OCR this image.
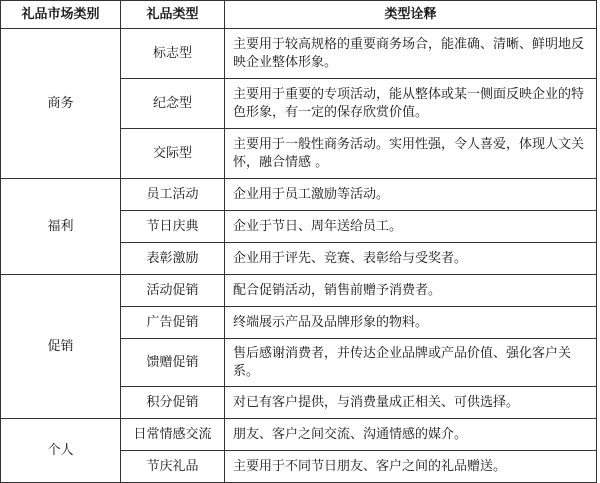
礼品市场类别	礼品类型	类型诠释
商务	标志型	主要用于较高规格的重要商务场合，能准确、清晰、鲜明地反映企业整体形象。
	纪念型	主要用于重要的专项活动，能从整体或某一侧面反映企业的特色形象，有一定的保存欣赏价值。
	交际型	主要用于一般性商务活动。实用性强，令人喜爱，体现人文关怀，融合情感 。
福利	员工活动	企业用于员工激励等活动。
	节日庆典	企业于节日、周年送给员工。
	表彰激励	企业用于评先、竞赛、表彰给与受奖者。
促销	活动促销	配合促销活动，销售前赠予消费者。
	广告促销	终端展示产品及品牌形象的物料。
	馈赠促销	售后感谢消费者，并传达企业品牌或产品价值、强化客户关系。
	积分促销	对已有客户提供，与消费量成正相关、可供选择。
个人	日常情感交流	朋友、客户之间交流、沟通情感的媒介。
	节庆礼品	主要用于不同节日朋友、客户之间的礼品赠送。
